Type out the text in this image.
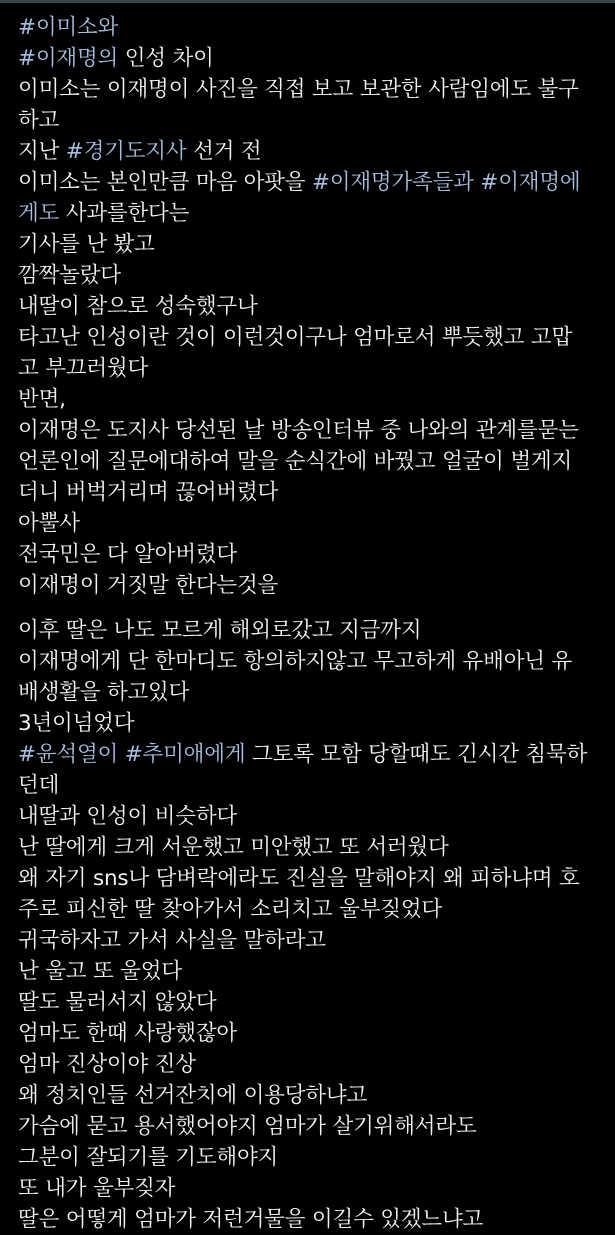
#이미소와
#이재명의 인성 차이
이미소는 이재명이 사진을 직접 보고 보관한 사람임에도 불구
하고
지난 #경기도지사 선거 전
이미소는 본인만큼 마음 아팟을 #이재명가족들과 #이재명에
게도 사과를한다는
기사를 난 봤고
깜짝놀랐다
내딸이 참으로 성숙했구나
타고난 인성이란 것이 이런것이구나 엄마로서 뿌듯했고 고맙
고 부끄러웠다
반면,
이재명은 도지사 당선된 날 방송인터뷰 중 나와의 관계를묻는
언론인에 질문에대하여 말을 순식간에 바꿨고 얼굴이 벌게지
더니 버벅거리며 끊어버렸다
아뿔사
전국민은 다 알아버렸다
이재명이 거짓말 한다는것을
이후 딸은 나도 모르게 해외로갔고 지금까지
이재명에게 단 한마디도 항의하지않고 무고하게 유배아닌 유
배생활을 하고있다
3년이넘었다
#윤석열이 #추미애에게 그토록 모함 당할때도 긴시간 침묵하
던데
내딸과 인성이 비슷하다
난 딸에게 크게 서운했고 미안했고 또 서러웠다
왜 자기 sns나 담벼락에라도 진실을 말해야지 왜 피하냐며 호
주로 피신한 딸 찾아가서 소리치고 울부짖었다
귀국하자고 가서 사실을 말하라고
난 울고 또 울었다
딸도 물러서지 않았다
엄마도 한때 사랑했잖아
엄마 진상이야 진상
왜 정치인들 선거잔치에 이용당하냐고
가슴에 묻고 용서했어야지 엄마가 살기위해서라도
그분이 잘되기를 기도해야지
또 내가 울부짖자
딸은 어떻게 엄마가 저런거물을 이길수 있겠느냐고
